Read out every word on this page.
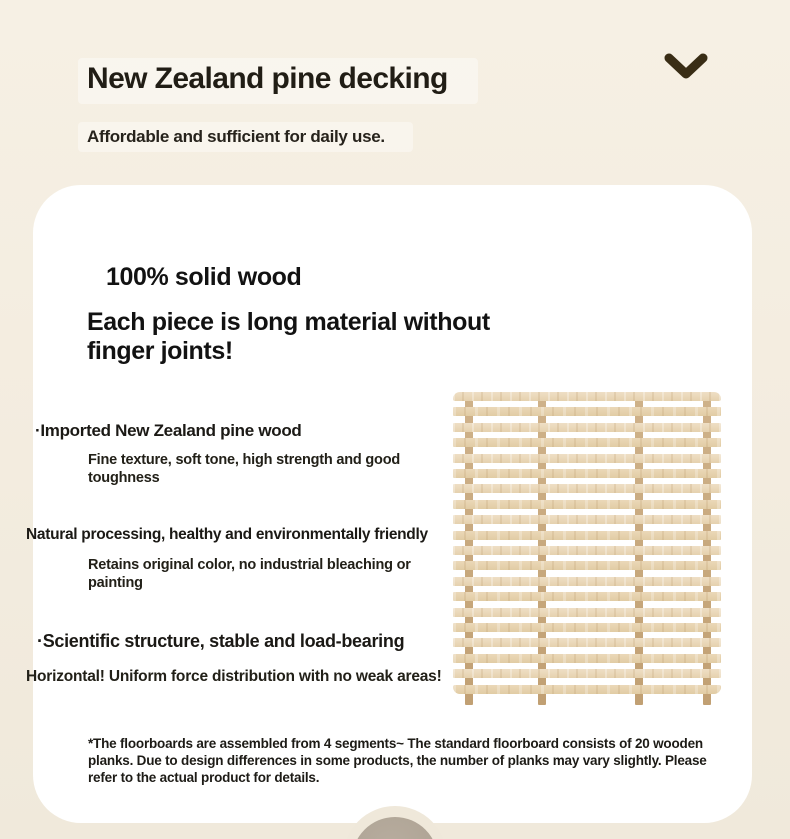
New Zealand pine decking
Affordable and sufficient for daily use.
100% solid wood
Each piece is long material without
finger joints!
·Imported New Zealand pine wood
Fine texture, soft tone, high strength and good toughness
Natural processing, healthy and environmentally friendly
Retains original color, no industrial bleaching or painting
·Scientific structure, stable and load-bearing
Horizontal! Uniform force distribution with no weak areas!
*The floorboards are assembled from 4 segments~ The standard floorboard consists of 20 wooden planks. Due to design differences in some products, the number of planks may vary slightly. Please refer to the actual product for details.
